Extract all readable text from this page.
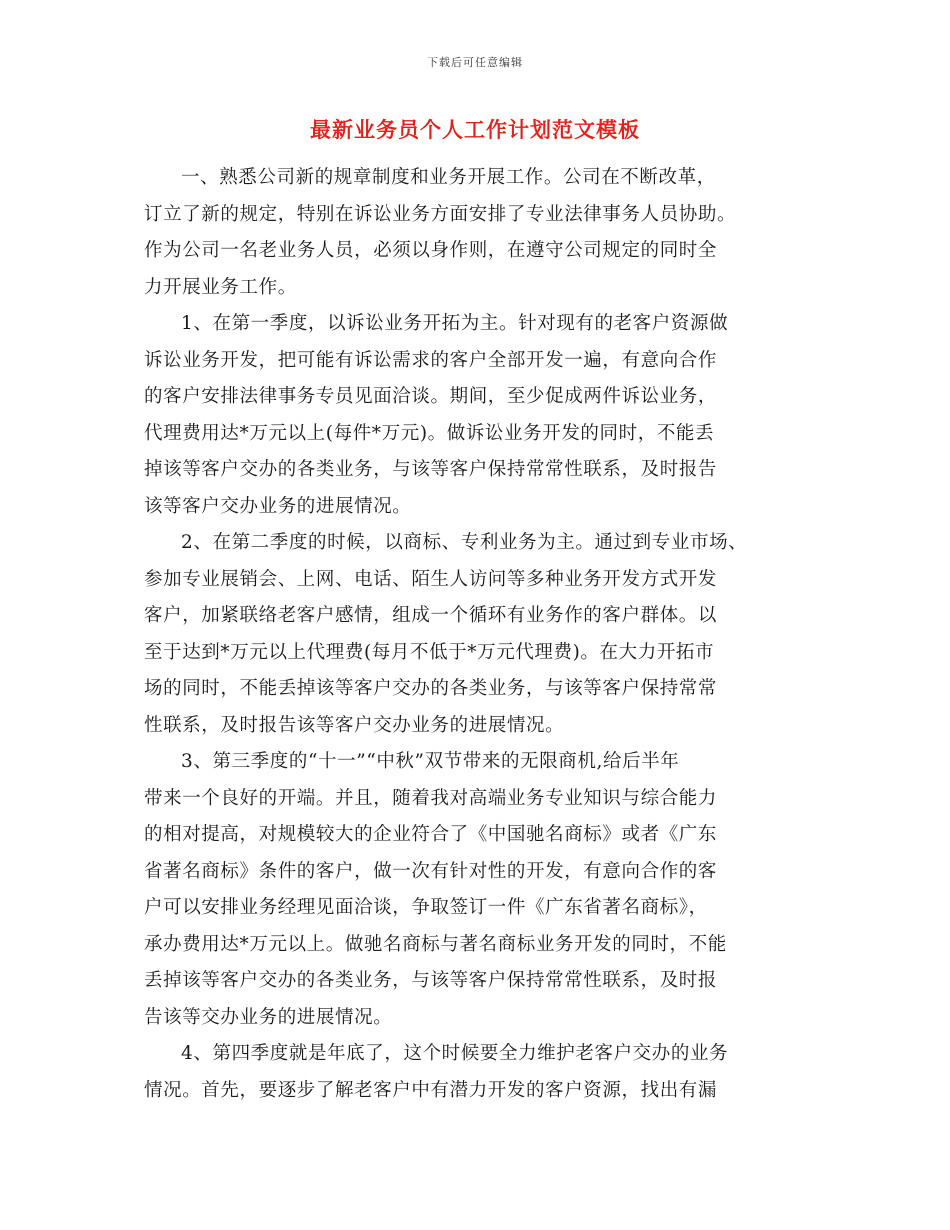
下载后可任意编辑
最新业务员个人工作计划范文模板
一、熟悉公司新的规章制度和业务开展工作。公司在不断改革，
订立了新的规定，特别在诉讼业务方面安排了专业法律事务人员协助。
作为公司一名老业务人员，必须以身作则，在遵守公司规定的同时全
力开展业务工作。
1、在第一季度，以诉讼业务开拓为主。针对现有的老客户资源做
诉讼业务开发，把可能有诉讼需求的客户全部开发一遍，有意向合作
的客户安排法律事务专员见面洽谈。期间，至少促成两件诉讼业务，
代理费用达*万元以上(每件*万元)。做诉讼业务开发的同时，不能丢
掉该等客户交办的各类业务，与该等客户保持常常性联系，及时报告
该等客户交办业务的进展情况。
2、在第二季度的时候，以商标、专利业务为主。通过到专业市场、
参加专业展销会、上网、电话、陌生人访问等多种业务开发方式开发
客户，加紧联络老客户感情，组成一个循环有业务作的客户群体。以
至于达到*万元以上代理费(每月不低于*万元代理费)。在大力开拓市
场的同时，不能丢掉该等客户交办的各类业务，与该等客户保持常常
性联系，及时报告该等客户交办业务的进展情况。
3、第三季度的“十一”“中秋”双节带来的无限商机,给后半年
带来一个良好的开端。并且，随着我对高端业务专业知识与综合能力
的相对提高，对规模较大的企业符合了《中国驰名商标》或者《广东
省著名商标》条件的客户，做一次有针对性的开发，有意向合作的客
户可以安排业务经理见面洽谈，争取签订一件《广东省著名商标》，
承办费用达*万元以上。做驰名商标与著名商标业务开发的同时，不能
丢掉该等客户交办的各类业务，与该等客户保持常常性联系，及时报
告该等交办业务的进展情况。
4、第四季度就是年底了，这个时候要全力维护老客户交办的业务
情况。首先，要逐步了解老客户中有潜力开发的客户资源，找出有漏
